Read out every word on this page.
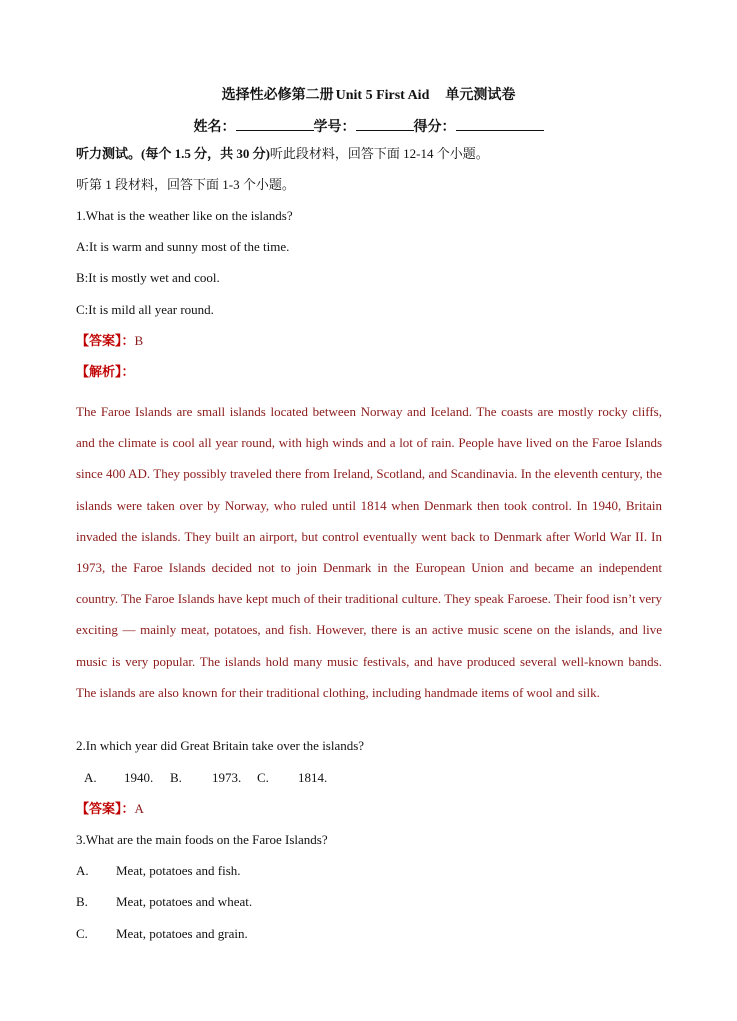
选择性必修第二册 Unit 5 First Aid 单元测试卷
姓名：	学号：	得分：
听力测试。(每个 1.5 分，共 30 分)听此段材料，回答下面 12-14 个小题。
听第 1 段材料，回答下面 1-3 个小题。
1.What is the weather like on the islands?
A:It is warm and sunny most of the time.
B:It is mostly wet and cool.
C:It is mild all year round.
【答案】：B
【解析】：
The Faroe Islands are small islands located between Norway and Iceland. The coasts are mostly rocky cliffs, and the climate is cool all year round, with high winds and a lot of rain. People have lived on the Faroe Islands since 400 AD. They possibly traveled there from Ireland, Scotland, and Scandinavia. In the eleventh century, the islands were taken over by Norway, who ruled until 1814 when Denmark then took control. In 1940, Britain invaded the islands. They built an airport, but control eventually went back to Denmark after World War II. In 1973, the Faroe Islands decided not to join Denmark in the European Union and became an independent country. The Faroe Islands have kept much of their traditional culture. They speak Faroese. Their food isn’t very exciting — mainly meat, potatoes, and fish. However, there is an active music scene on the islands, and live music is very popular. The islands hold many music festivals, and have produced several well-known bands. The islands are also known for their traditional clothing, including handmade items of wool and silk.
2.In which year did Great Britain take over the islands?
A. 1940. B. 1973. C. 1814.
【答案】：A
3.What are the main foods on the Faroe Islands?
A. Meat, potatoes and fish.
B. Meat, potatoes and wheat.
C. Meat, potatoes and grain.
